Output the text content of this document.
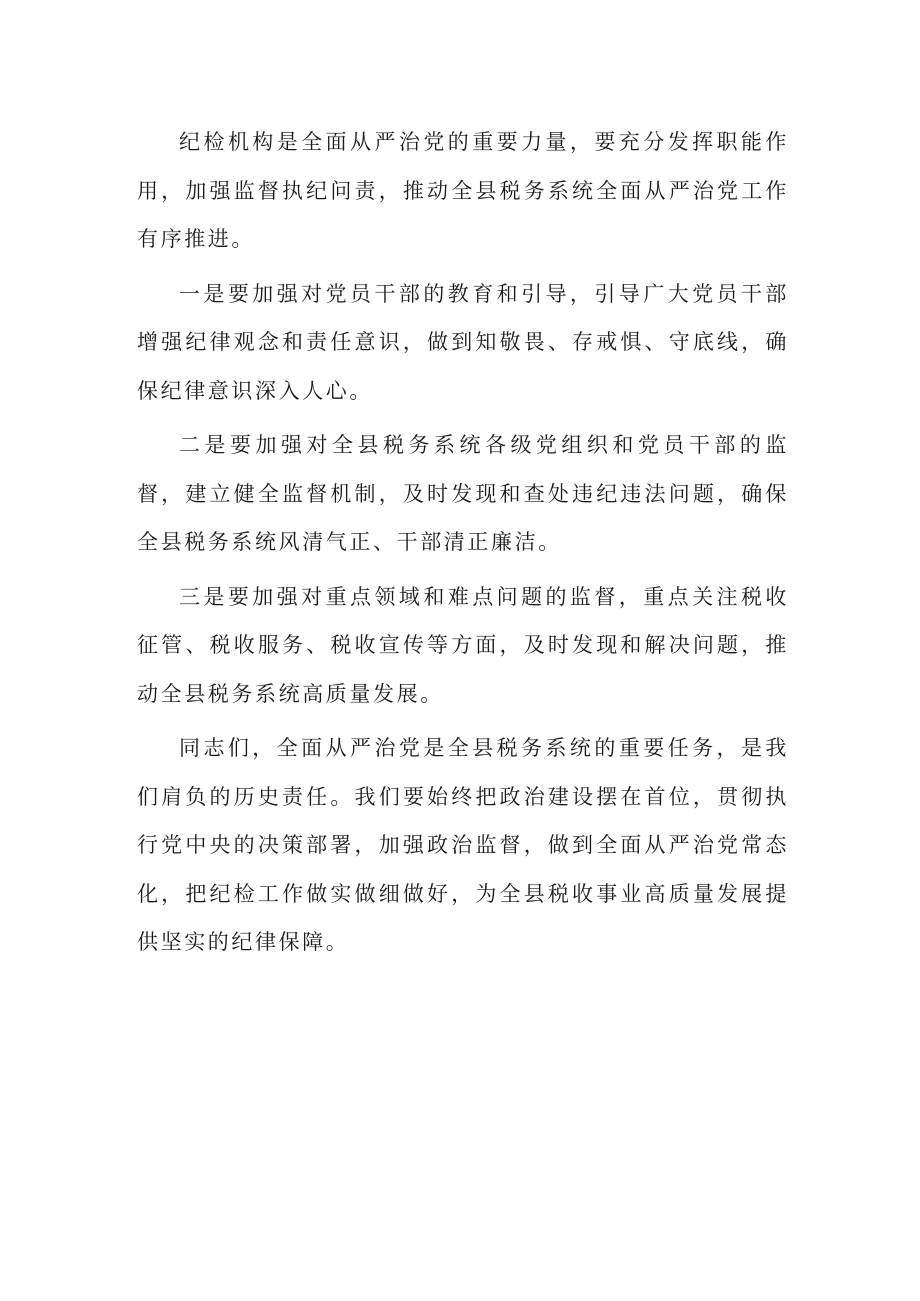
纪检机构是全面从严治党的重要力量，要充分发挥职能作用，加强监督执纪问责，推动全县税务系统全面从严治党工作有序推进。

一是要加强对党员干部的教育和引导，引导广大党员干部增强纪律观念和责任意识，做到知敬畏、存戒惧、守底线，确保纪律意识深入人心。

二是要加强对全县税务系统各级党组织和党员干部的监督，建立健全监督机制，及时发现和查处违纪违法问题，确保全县税务系统风清气正、干部清正廉洁。

三是要加强对重点领域和难点问题的监督，重点关注税收征管、税收服务、税收宣传等方面，及时发现和解决问题，推动全县税务系统高质量发展。

同志们，全面从严治党是全县税务系统的重要任务，是我们肩负的历史责任。我们要始终把政治建设摆在首位，贯彻执行党中央的决策部署，加强政治监督，做到全面从严治党常态化，把纪检工作做实做细做好，为全县税收事业高质量发展提供坚实的纪律保障。
